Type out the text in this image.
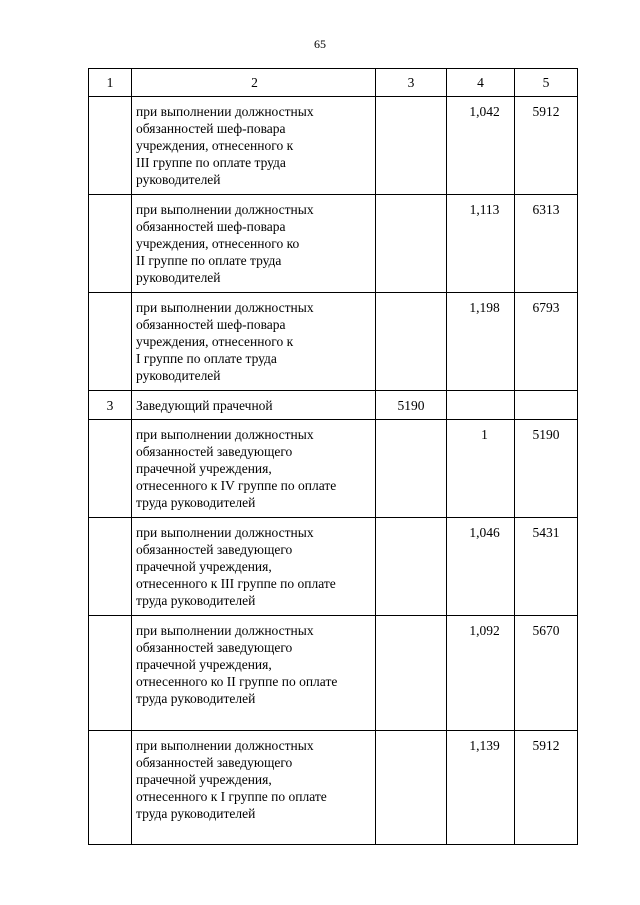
65
1	2	3	4	5

	при выполнении должностных
обязанностей шеф-повара
учреждения, отнесенного к
III группе по оплате труда
руководителей		1,042	5912

	при выполнении должностных
обязанностей шеф-повара
учреждения, отнесенного ко
II группе по оплате труда
руководителей		1,113	6313

	при выполнении должностных
обязанностей шеф-повара
учреждения, отнесенного к
I группе по оплате труда
руководителей		1,198	6793

3	Заведующий прачечной	5190		

	при выполнении должностных
обязанностей заведующего
прачечной учреждения,
отнесенного к IV группе по оплате
труда руководителей		1	5190

	при выполнении должностных
обязанностей заведующего
прачечной учреждения,
отнесенного к III группе по оплате
труда руководителей		1,046	5431

	при выполнении должностных
обязанностей заведующего
прачечной учреждения,
отнесенного ко II группе по оплате
труда руководителей		1,092	5670

	при выполнении должностных
обязанностей заведующего
прачечной учреждения,
отнесенного к I группе по оплате
труда руководителей		1,139	5912
